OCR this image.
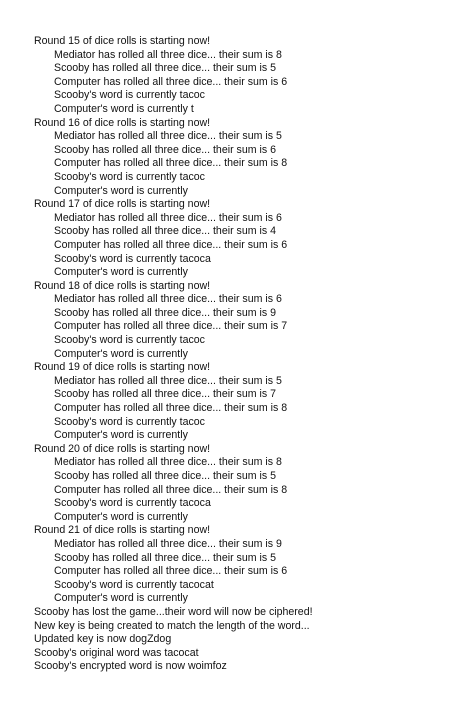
Round 15 of dice rolls is starting now!
Mediator has rolled all three dice... their sum is 8
Scooby has rolled all three dice... their sum is 5
Computer has rolled all three dice... their sum is 6
Scooby's word is currently tacoc
Computer's word is currently t
Round 16 of dice rolls is starting now!
Mediator has rolled all three dice... their sum is 5
Scooby has rolled all three dice... their sum is 6
Computer has rolled all three dice... their sum is 8
Scooby's word is currently tacoc
Computer's word is currently
Round 17 of dice rolls is starting now!
Mediator has rolled all three dice... their sum is 6
Scooby has rolled all three dice... their sum is 4
Computer has rolled all three dice... their sum is 6
Scooby's word is currently tacoca
Computer's word is currently
Round 18 of dice rolls is starting now!
Mediator has rolled all three dice... their sum is 6
Scooby has rolled all three dice... their sum is 9
Computer has rolled all three dice... their sum is 7
Scooby's word is currently tacoc
Computer's word is currently
Round 19 of dice rolls is starting now!
Mediator has rolled all three dice... their sum is 5
Scooby has rolled all three dice... their sum is 7
Computer has rolled all three dice... their sum is 8
Scooby's word is currently tacoc
Computer's word is currently
Round 20 of dice rolls is starting now!
Mediator has rolled all three dice... their sum is 8
Scooby has rolled all three dice... their sum is 5
Computer has rolled all three dice... their sum is 8
Scooby's word is currently tacoca
Computer's word is currently
Round 21 of dice rolls is starting now!
Mediator has rolled all three dice... their sum is 9
Scooby has rolled all three dice... their sum is 5
Computer has rolled all three dice... their sum is 6
Scooby's word is currently tacocat
Computer's word is currently
Scooby has lost the game...their word will now be ciphered!
New key is being created to match the length of the word...
Updated key is now dogZdog
Scooby's original word was tacocat
Scooby's encrypted word is now woimfoz
